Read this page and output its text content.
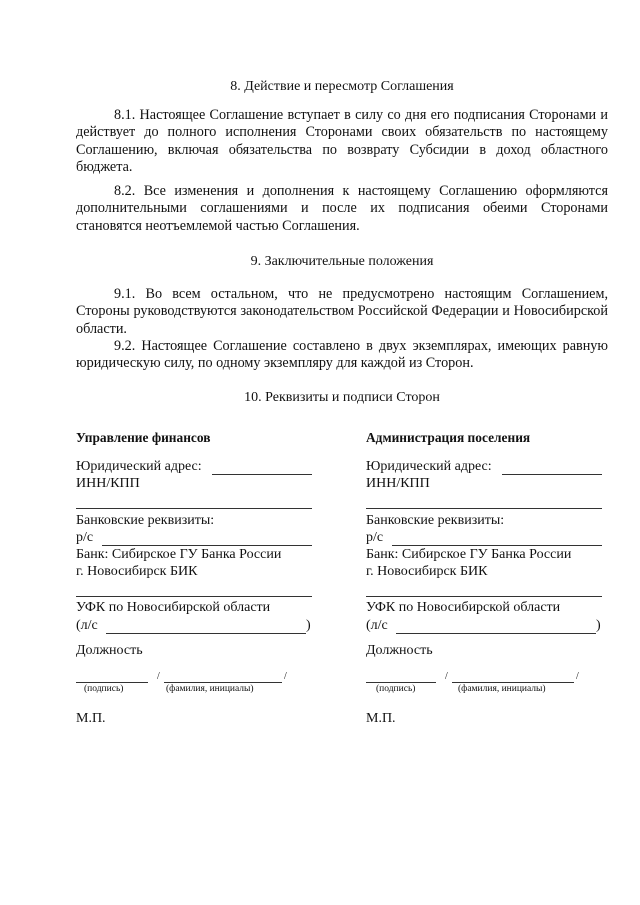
8. Действие и пересмотр Соглашения
8.1. Настоящее Соглашение вступает в силу со дня его подписания Сторонами и действует до полного исполнения Сторонами своих обязательств по настоящему Соглашению, включая обязательства по возврату Субсидии в доход областного бюджета.
8.2. Все изменения и дополнения к настоящему Соглашению оформляются дополнительными соглашениями и после их подписания обеими Сторонами становятся неотъемлемой частью Соглашения.
9. Заключительные положения
9.1. Во всем остальном, что не предусмотрено настоящим Соглашением, Стороны руководствуются законодательством Российской Федерации и Новосибирской области.
9.2. Настоящее Соглашение составлено в двух экземплярах, имеющих равную юридическую силу, по одному экземпляру для каждой из Сторон.
10. Реквизиты и подписи Сторон
Управление финансов
Юридический адрес:
ИНН/КПП
Банковские реквизиты:
р/с
Банк: Сибирское ГУ Банка России
г. Новосибирск БИК
УФК по Новосибирской области
(л/с	)
Должность
/	/
(подпись)	(фамилия, инициалы)
М.П.
Администрация поселения
Юридический адрес:
ИНН/КПП
Банковские реквизиты:
р/с
Банк: Сибирское ГУ Банка России
г. Новосибирск БИК
УФК по Новосибирской области
(л/с	)
Должность
/	/
(подпись)	(фамилия, инициалы)
М.П.
